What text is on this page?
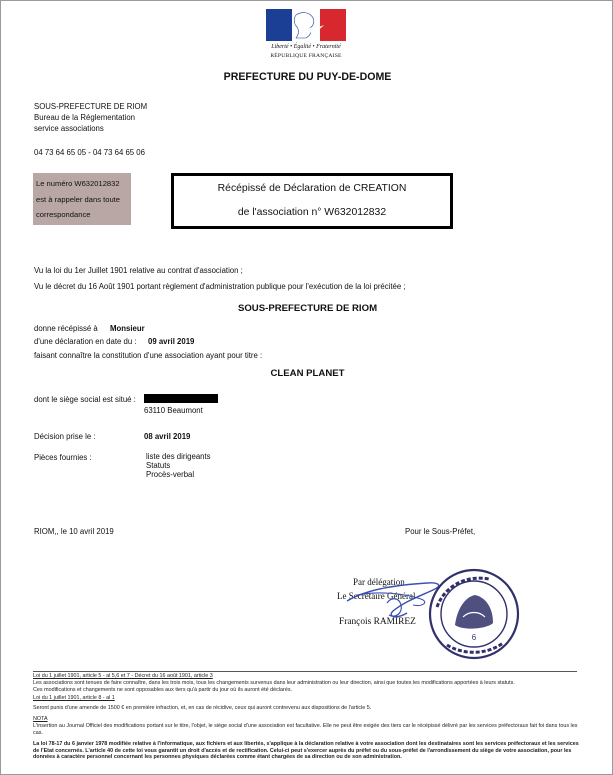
Liberté • Égalité • Fraternité
RÉPUBLIQUE FRANÇAISE
PREFECTURE DU PUY-DE-DOME
SOUS-PREFECTURE DE RIOM
Bureau de la Réglementation
service associations
04 73 64 65 05 - 04 73 64 65 06
Le numéro W632012832
est à rappeler dans toute
correspondance
Récépissé de Déclaration de CREATION
de l'association n° W632012832
Vu la loi du 1er Juillet 1901 relative au contrat d'association ;
Vu le décret du 16 Août 1901 portant règlement d'administration publique pour l'exécution de la loi précitée ;
SOUS-PREFECTURE DE RIOM
donne récépissé à Monsieur
d'une déclaration en date du : 09 avril 2019
faisant connaître la constitution d'une association ayant pour titre :
CLEAN PLANET
dont le siège social est situé :
63110 Beaumont
Décision prise le :	08 avril 2019
Pièces fournies :	liste des dirigeants
Statuts
Procès-verbal
RIOM,, le 10 avril 2019	Pour le Sous-Préfet,
Par délégation
Le Secrétaire Général
François RAMIREZ
6
Loi du 1 juillet 1901, article 5 - al 5,6 et 7 - Décret du 16 août 1901, article 3
Les associations sont tenues de faire connaître, dans les trois mois, tous les changements survenus dans leur administration ou leur direction, ainsi que toutes les modifications apportées à leurs statuts.
Ces modifications et changements ne sont opposables aux tiers qu'à partir du jour où ils auront été déclarés.
Loi du 1 juillet 1901, article 8 - al 1
Seront punis d'une amende de 1500 € en première infraction, et, en cas de récidive, ceux qui auront contrevenu aux dispositions de l'article 5.
NOTA
L'insertion au Journal Officiel des modifications portant sur le titre, l'objet, le siège social d'une association est facultative. Elle ne peut être exigée des tiers car le récépissé délivré par les services préfectoraux fait foi dans tous les cas.
La loi 78-17 du 6 janvier 1978 modifiée relative à l'informatique, aux fichiers et aux libertés, s'applique à la déclaration relative à votre association dont les destinataires sont les services préfectoraux et les services de l'Etat concernés. L'article 40 de cette loi vous garantit un droit d'accès et de rectification. Celui-ci peut s'exercer auprès du préfet ou du sous-préfet de l'arrondissement du siège de votre association, pour les données à caractère personnel concernant les personnes physiques déclarées comme étant chargées de sa direction ou de son administration.
